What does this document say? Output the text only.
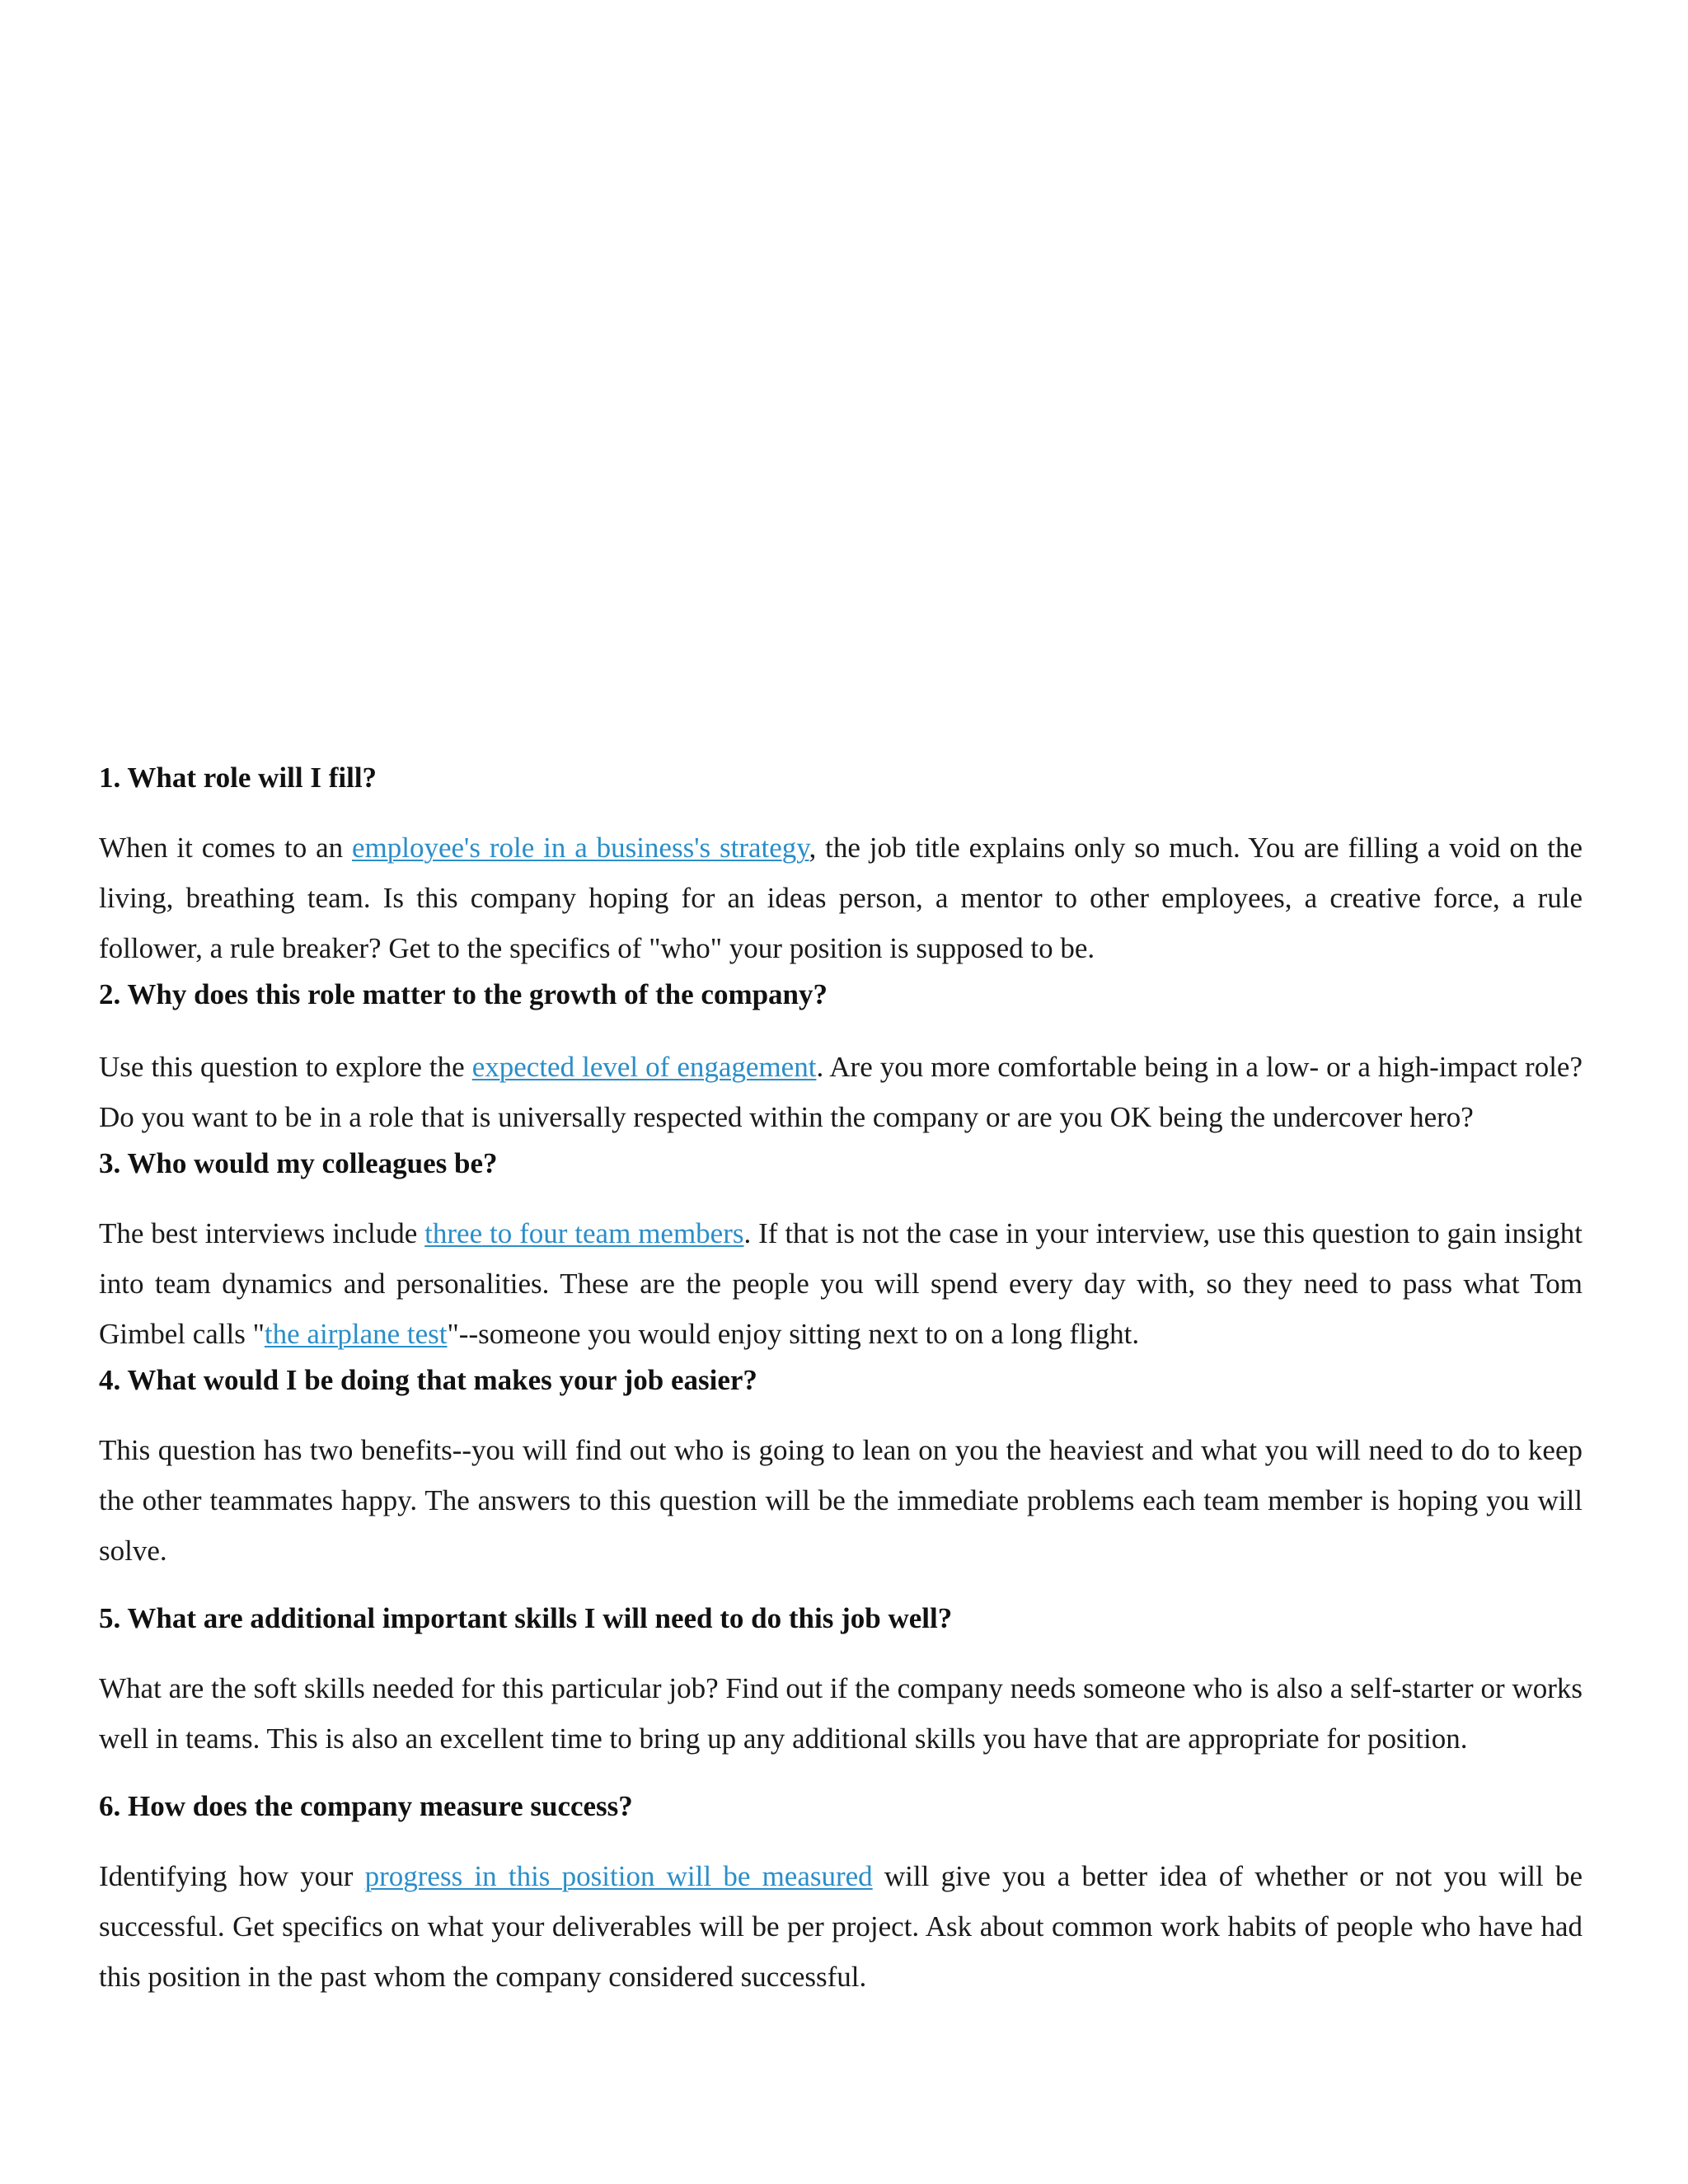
1. What role will I fill?

When it comes to an employee's role in a business's strategy, the job title explains only so much. You are filling a void on the living, breathing team. Is this company hoping for an ideas person, a mentor to other employees, a creative force, a rule follower, a rule breaker? Get to the specifics of "who" your position is supposed to be.

2. Why does this role matter to the growth of the company?

Use this question to explore the expected level of engagement. Are you more comfortable being in a low- or a high-impact role? Do you want to be in a role that is universally respected within the company or are you OK being the undercover hero?

3. Who would my colleagues be?

The best interviews include three to four team members. If that is not the case in your interview, use this question to gain insight into team dynamics and personalities. These are the people you will spend every day with, so they need to pass what Tom Gimbel calls "the airplane test"--someone you would enjoy sitting next to on a long flight.

4. What would I be doing that makes your job easier?

This question has two benefits--you will find out who is going to lean on you the heaviest and what you will need to do to keep the other teammates happy. The answers to this question will be the immediate problems each team member is hoping you will solve.

5. What are additional important skills I will need to do this job well?

What are the soft skills needed for this particular job? Find out if the company needs someone who is also a self-starter or works well in teams. This is also an excellent time to bring up any additional skills you have that are appropriate for position.

6. How does the company measure success?

Identifying how your progress in this position will be measured will give you a better idea of whether or not you will be successful. Get specifics on what your deliverables will be per project. Ask about common work habits of people who have had this position in the past whom the company considered successful.
